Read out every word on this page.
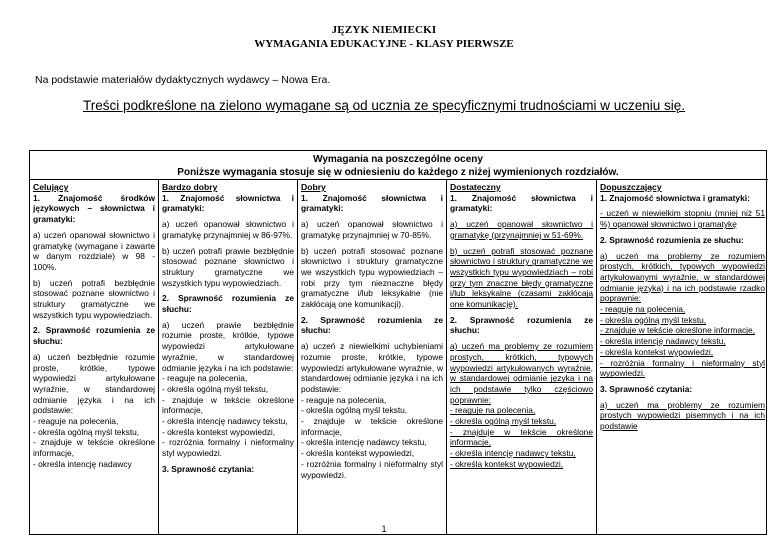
JĘZYK NIEMIECKI
WYMAGANIA EDUKACYJNE - KLASY PIERWSZE
Na podstawie materiałów dydaktycznych wydawcy – Nowa Era.
Treści podkreślone na zielono wymagane są od ucznia ze specyficznymi trudnościami w uczeniu się.
Wymagania na poszczególne oceny
Poniższe wymagania stosuje się w odniesieniu do każdego z niżej wymienionych rozdziałów.
Celujący
1. Znajomość środków językowych – słownictwa i gramatyki:
a) uczeń opanował słownictwo i gramatykę (wymagane i zawarte w danym rozdziale) w 98 - 100%.
b) uczeń potrafi bezbłędnie stosować poznane słownictwo i struktury gramatyczne we wszystkich typu wypowiedziach.
2. Sprawność rozumienia ze słuchu:
a) uczeń bezbłędnie rozumie proste, krótkie, typowe wypowiedzi artykułowane wyraźnie, w standardowej odmianie języka i na ich podstawie:
- reaguje na polecenia,
- określa ogólną myśl tekstu,
- znajduje w tekście określone informacje,
- określa intencję nadawcy
Bardzo dobry
1. Znajomość słownictwa i gramatyki:
a) uczeń opanował słownictwo i gramatykę przynajmniej w 86-97%.
b) uczeń potrafi prawie bezbłędnie stosować poznane słownictwo i struktury gramatyczne we wszystkich typu wypowiedziach.
2. Sprawność rozumienia ze słuchu:
a) uczeń prawie bezbłędnie rozumie proste, krótkie, typowe wypowiedzi artykułowane wyraźnie, w standardowej odmianie języka i na ich podstawie:
- reaguje na polecenia,
- określa ogólną myśl tekstu,
- znajduje w tekście określone informacje,
- określa intencję nadawcy tekstu,
- określa kontekst wypowiedzi,
- rozróżnia formalny i nieformalny styl wypowiedzi.
3. Sprawność czytania:
Dobry
1. Znajomość słownictwa i gramatyki:
a) uczeń opanował słownictwo i gramatykę przynajmniej w 70-85%.
b) uczeń potrafi stosować poznane słownictwo i struktury gramatyczne we wszystkich typu wypowiedziach – robi przy tym nieznaczne błędy gramatyczne i/lub leksykalne (nie zakłócają one komunikacji).
2. Sprawność rozumienia ze słuchu:
a) uczeń z niewielkimi uchybieniami rozumie proste, krótkie, typowe wypowiedzi artykułowane wyraźnie, w standardowej odmianie języka i na ich podstawie:
- reaguje na polecenia,
- określa ogólną myśl tekstu,
- znajduje w tekście określone informacje,
- określa intencję nadawcy tekstu,
- określa kontekst wypowiedzi,
- rozróżnia formalny i nieformalny styl wypowiedzi.
Dostateczny
1. Znajomość słownictwa i gramatyki:
a) uczeń opanował słownictwo i gramatykę (przynajmniej w 51-69%.
b) uczeń potrafi stosować poznane słownictwo i struktury gramatyczne we wszystkich typu wypowiedziach – robi przy tym znaczne błędy gramatyczne i/lub leksykalne (czasami zakłócają one komunikację).
2. Sprawność rozumienia ze słuchu:
a) uczeń ma problemy ze rozumiem prostych, krótkich, typowych wypowiedzi artykułowanych wyraźnie, w standardowej odmianie języka i na ich podstawie tylko częściowo poprawnie:
- reaguje na polecenia,
- określa ogólną myśl tekstu,
- znajduje w tekście określone informacje,
- określa intencję nadawcy tekstu,
- określa kontekst wypowiedzi,
Dopuszczający
1. Znajomość słownictwa i gramatyki:
- uczeń w niewielkim stopniu (mniej niż 51 %) opanował słownictwo i gramatykę
2. Sprawność rozumienia ze słuchu:
a) uczeń ma problemy ze rozumiem prostych, krótkich, typowych wypowiedzi artykułowanymi wyraźnie, w standardowej odmianie języka) i na ich podstawie rzadko poprawnie:
- reaguje na polecenia,
- określa ogólną myśl tekstu,
- znajduje w tekście określone informacje,
- określa intencję nadawcy tekstu,
- określa kontekst wypowiedzi,
- rozróżnia formalny i nieformalny styl wypowiedzi.
3. Sprawność czytania:
a) uczeń ma problemy ze rozumiem prostych wypowiedzi pisemnych i na ich podstawie
1
